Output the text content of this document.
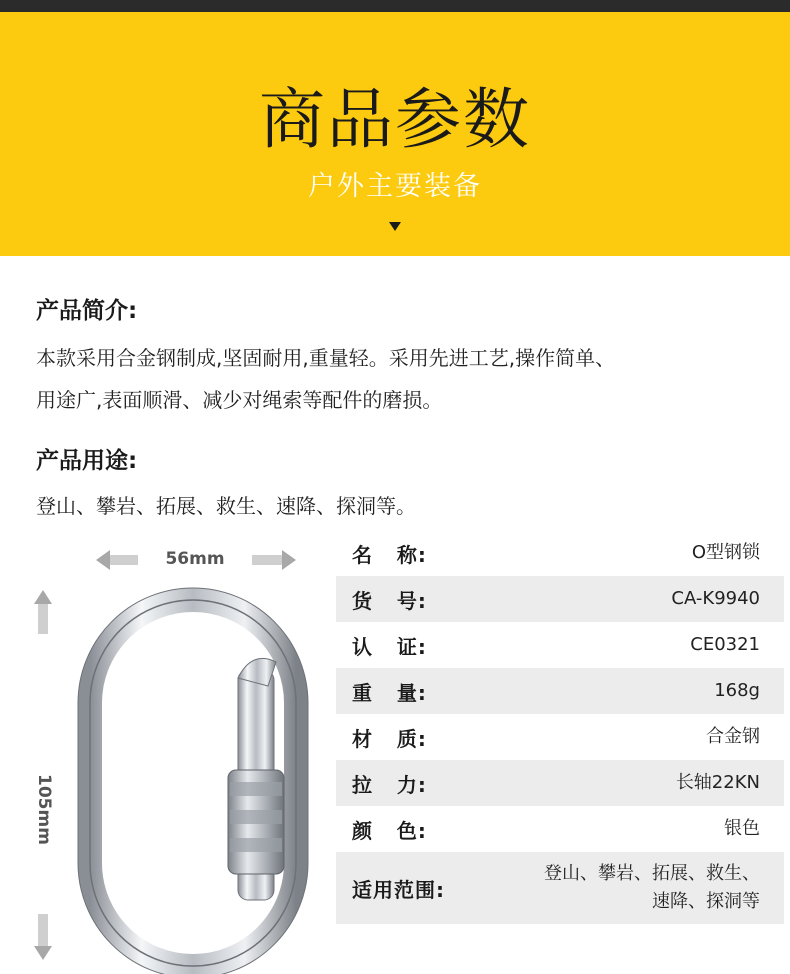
商品参数
户外主要装备
产品简介:
本款采用合金钢制成,坚固耐用,重量轻。采用先进工艺,操作简单、
用途广,表面顺滑、减少对绳索等配件的磨损。
产品用途:
登山、攀岩、拓展、救生、速降、探洞等。
56mm
105mm
名   称:	O型钢锁
货   号:	CA-K9940
认   证:	CE0321
重   量:	168g
材   质:	合金钢
拉   力:	长轴22KN
颜   色:	银色
适用范围:
登山、攀岩、拓展、救生、
速降、探洞等
